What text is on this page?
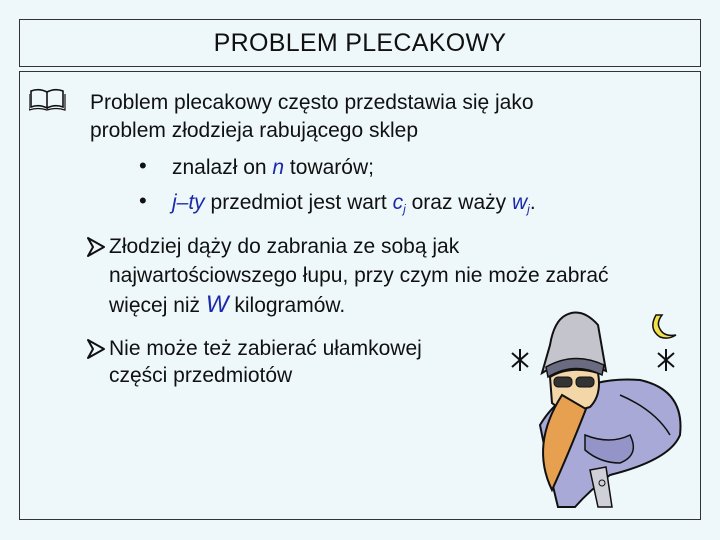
PROBLEM PLECAKOWY
Problem plecakowy często przedstawia się jako
problem złodzieja rabującego sklep
• znalazł on n towarów;
• j–ty przedmiot jest wart $c_j$ oraz waży $w_j$.
Złodziej dąży do zabrania ze sobą jak
najwartościowszego łupu, przy czym nie może zabrać
więcej niż W kilogramów.
Nie może też zabierać ułamkowej
części przedmiotów
